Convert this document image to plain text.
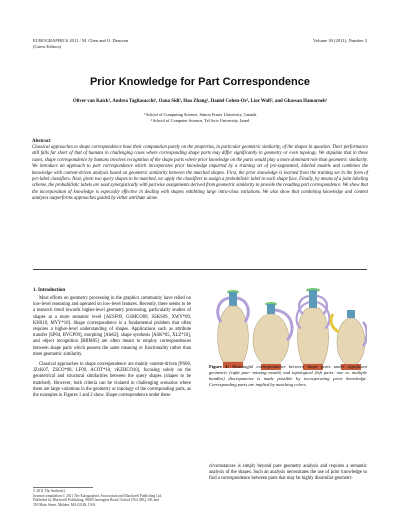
EUROGRAPHICS 2011 / M. Chen and O. Deussen
(Guest Editors)
Volume 30 (2011), Number 2
Prior Knowledge for Part Correspondence
Oliver van Kaick¹, Andrea Tagliasacchi¹, Oana Sidi², Hao Zhang¹, Daniel Cohen-Or², Lior Wolf², and Ghassan Hamarneh¹
¹ School of Computing Science, Simon Fraser University, Canada
² School of Computer Science, Tel Aviv University, Israel
Abstract

Classical approaches to shape correspondence base their computation purely on the properties, in particular geometric similarity, of the shapes in question. Their performance still falls far short of that of humans in challenging cases where corresponding shape parts may differ significantly in geometry or even topology. We stipulate that in these cases, shape correspondence by humans involves recognition of the shape parts where prior knowledge on the parts would play a more dominant role than geometric similarity. We introduce an approach to part correspondence which incorporates prior knowledge imparted by a training set of pre-segmented, labeled models and combines the knowledge with content-driven analysis based on geometric similarity between the matched shapes. First, the prior knowledge is learned from the training set in the form of per-label classifiers. Next, given two query shapes to be matched, we apply the classifiers to assign a probabilistic label to each shape face. Finally, by means of a joint labeling scheme, the probabilistic labels are used synergistically with pairwise assignments derived from geometric similarity to provide the resulting part correspondence. We show that the incorporation of knowledge is especially effective in dealing with shapes exhibiting large intra-class variations. We also show that combining knowledge and content analyses outperforms approaches guided by either attribute alone.

1. Introduction

Most efforts on geometry processing in the graphics community have relied on low-level reasoning and operated on low-level features. Recently, there seems to be a research trend towards higher-level geometry processing, particularly studies of shapes at a more semantic level [AESF09, GSMCO09, SSKS09, XWY*09, KHS10, MYY*10]. Shape correspondence is a fundamental problem that often requires a higher-level understanding of shapes. Applications such as attribute transfer [SP04, BVGP09], morphing [Ale02], shape synthesis [ASK*05, XLZ*10], and object recognition [BBM05] are often meant to employ correspondences between shape parts which possess the same meaning or functionality rather than mere geometric similarity.

Classical approaches to shape correspondence are mainly content-driven [PS06, JZvK07, ZSCO*08, LF09, ACOT*10, vKZHCO10], focusing solely on the geometrical and structural similarities between the query shapes (shapes to be matched). However, both criteria can be violated in challenging scenarios where there are large variations in the geometry or topology of the corresponding parts, as the examples in Figures 1 and 2 show. Shape correspondence under these

Figure 1: Meaningful correspondence between shape parts under significant geometric (right pair: missing mouth) and topological (left pairs: one vs. multiple handles) discrepancies is made possible by incorporating prior knowledge. Corresponding parts are implied by matching colors.

circumstances is simply beyond pure geometry analysis and requires a semantic analysis of the shapes. Such an analysis necessitates the use of prior knowledge to find a correspondence between parts that may be highly dissimilar geometri-

© 2011 The Author(s)
Journal compilation © 2011 The Eurographics Association and Blackwell Publishing Ltd.
Published by Blackwell Publishing, 9600 Garsington Road, Oxford OX4 2DQ, UK and
350 Main Street, Malden, MA 02148, USA.
